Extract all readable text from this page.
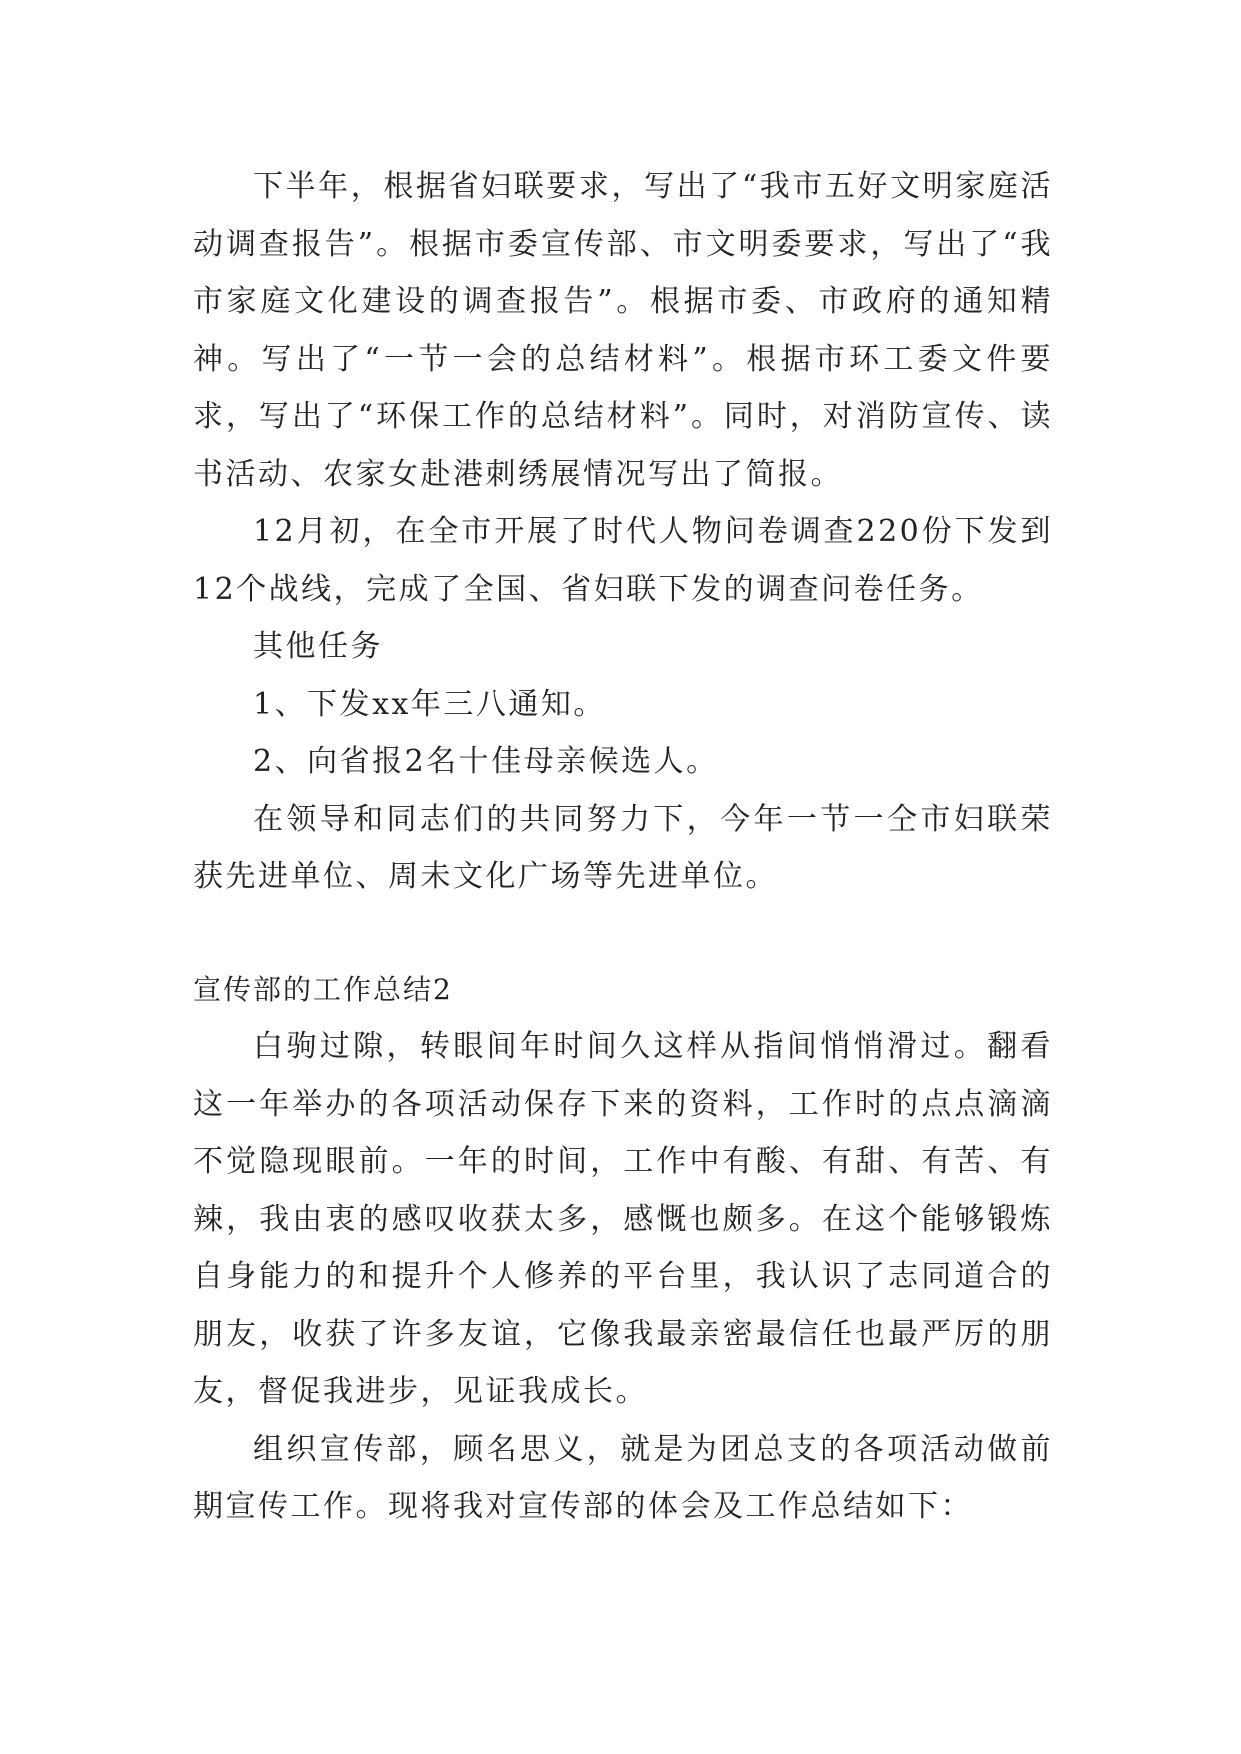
下半年，根据省妇联要求，写出了“我市五好文明家庭活动调查报告”。根据市委宣传部、市文明委要求，写出了“我市家庭文化建设的调查报告”。根据市委、市政府的通知精神。写出了“一节一会的总结材料”。根据市环工委文件要求，写出了“环保工作的总结材料”。同时，对消防宣传、读书活动、农家女赴港刺绣展情况写出了简报。

12月初，在全市开展了时代人物问卷调查220份下发到12个战线，完成了全国、省妇联下发的调查问卷任务。

其他任务

1、下发xx年三八通知。

2、向省报2名十佳母亲候选人。

在领导和同志们的共同努力下，今年一节一仝市妇联荣获先进单位、周未文化广场等先进单位。

宣传部的工作总结2

白驹过隙，转眼间年时间久这样从指间悄悄滑过。翻看这一年举办的各项活动保存下来的资料，工作时的点点滴滴不觉隐现眼前。一年的时间，工作中有酸、有甜、有苦、有辣，我由衷的感叹收获太多，感慨也颇多。在这个能够锻炼自身能力的和提升个人修养的平台里，我认识了志同道合的朋友，收获了许多友谊，它像我最亲密最信任也最严厉的朋友，督促我进步，见证我成长。

组织宣传部，顾名思义，就是为团总支的各项活动做前期宣传工作。现将我对宣传部的体会及工作总结如下：
